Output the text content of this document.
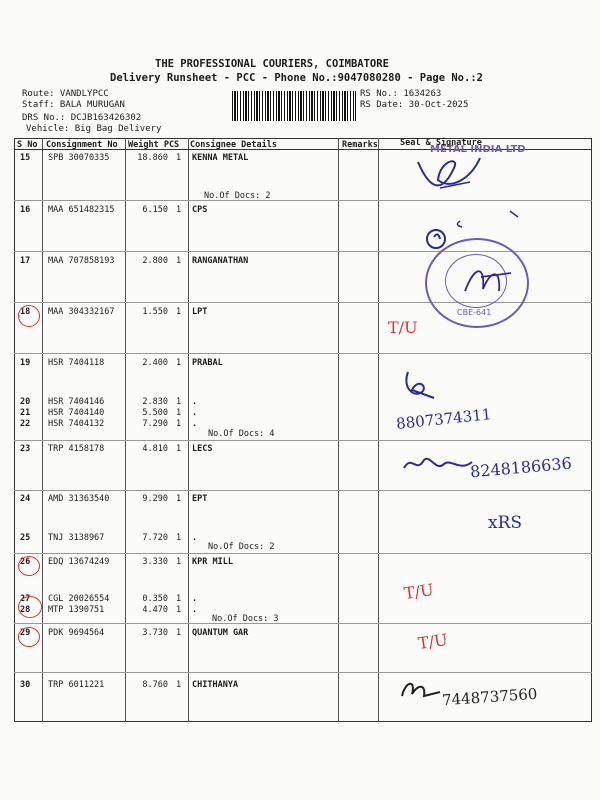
THE PROFESSIONAL COURIERS, COIMBATORE
Delivery Runsheet - PCC - Phone No.:9047080280 - Page No.:2
Route: VANDLYPCC
Staff: BALA MURUGAN
DRS No.: DCJB163426302
Vehicle: Big Bag Delivery
RS No.: 1634263
RS Date: 30-Oct-2025
S No Consignment No Weight PCS Consignee Details	Remarks	Seal & Signature
15 SPB 30070335	18.860 1 KENNA METAL
16 MAA 651482315	6.150 1 CPS
17 MAA 707858193	2.800 1 RANGANATHAN
18 MAA 304332167	1.550 1 LPT
19 HSR 7404118	2.400 1 PRABAL
20 HSR 7404146	2.830 1 .
21 HSR 7404140	5.500 1 .
22 HSR 7404132	7.290 1 .
23 TRP 4158178	4.810 1 LECS
24 AMD 31363540	9.290 1 EPT
25 TNJ 3138967	7.720 1 .
26 EDQ 13674249	3.330 1 KPR MILL
27 CGL 20026554	0.350 1 .
28 MTP 1390751	4.470 1 .
29 PDK 9694564	3.730 1 QUANTUM GAR
30 TRP 6011221	8.760 1 CHITHANYA
No.Of Docs: 2
No.Of Docs: 4
No.Of Docs: 2
No.Of Docs: 3
METAL INDIA LTD
CBE-641
T/U
8807374311
8248186636
xRS
T/U
T/U
7448737560
